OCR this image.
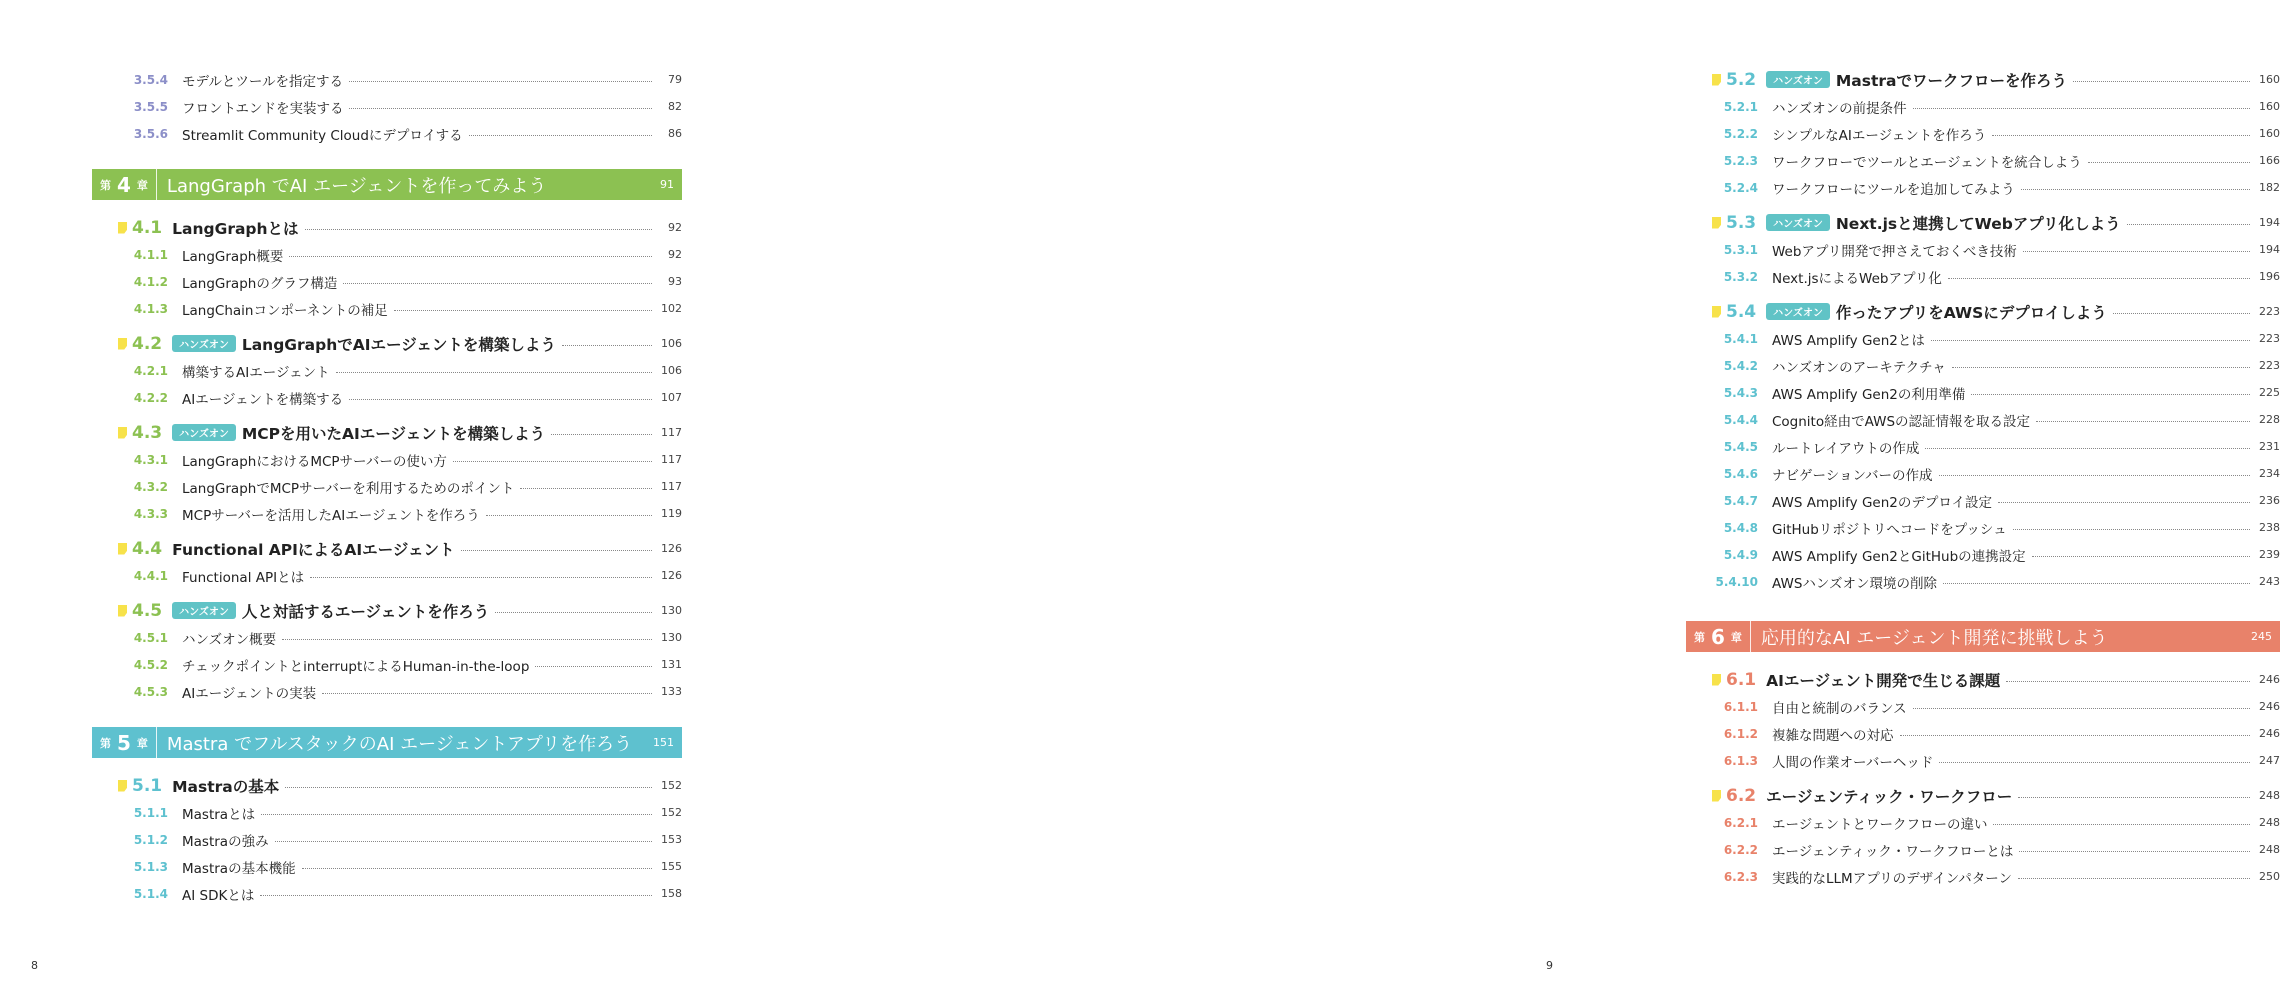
3.5.4 モデルとツールを指定する	79
3.5.5 フロントエンドを実装する	82
3.5.6 Streamlit Community Cloudにデプロイする	86
第 4 章 LangGraph でAI エージェントを作ってみよう	91
4.1 LangGraphとは	92
4.1.1 LangGraph概要	92
4.1.2 LangGraphのグラフ構造	93
4.1.3 LangChainコンポーネントの補足	102
4.2	ハンズオン LangGraphでAIエージェントを構築しよう	106
4.2.1 構築するAIエージェント	106
4.2.2 AIエージェントを構築する	107
4.3	ハンズオン MCPを用いたAIエージェントを構築しよう	117
4.3.1 LangGraphにおけるMCPサーバーの使い方	117
4.3.2 LangGraphでMCPサーバーを利用するためのポイント	117
4.3.3 MCPサーバーを活用したAIエージェントを作ろう	119
4.4 Functional APIによるAIエージェント	126
4.4.1 Functional APIとは	126
4.5	ハンズオン 人と対話するエージェントを作ろう	130
4.5.1 ハンズオン概要	130
4.5.2 チェックポイントとinterruptによるHuman-in-the-loop	131
4.5.3 AIエージェントの実装	133
第 5 章 Mastra でフルスタックのAI エージェントアプリを作ろう	151
5.1 Mastraの基本	152
5.1.1 Mastraとは	152
5.1.2 Mastraの強み	153
5.1.3 Mastraの基本機能	155
5.1.4 AI SDKとは	158
8
5.2	ハンズオン Mastraでワークフローを作ろう	160
5.2.1 ハンズオンの前提条件	160
5.2.2 シンプルなAIエージェントを作ろう	160
5.2.3 ワークフローでツールとエージェントを統合しよう	166
5.2.4 ワークフローにツールを追加してみよう	182
5.3	ハンズオン Next.jsと連携してWebアプリ化しよう	194
5.3.1 Webアプリ開発で押さえておくべき技術	194
5.3.2 Next.jsによるWebアプリ化	196
5.4	ハンズオン 作ったアプリをAWSにデプロイしよう	223
5.4.1 AWS Amplify Gen2とは	223
5.4.2 ハンズオンのアーキテクチャ	223
5.4.3 AWS Amplify Gen2の利用準備	225
5.4.4 Cognito経由でAWSの認証情報を取る設定	228
5.4.5 ルートレイアウトの作成	231
5.4.6 ナビゲーションバーの作成	234
5.4.7 AWS Amplify Gen2のデプロイ設定	236
5.4.8 GitHubリポジトリへコードをプッシュ	238
5.4.9 AWS Amplify Gen2とGitHubの連携設定	239
5.4.10 AWSハンズオン環境の削除	243
第 6 章 応用的なAI エージェント開発に挑戦しよう	245
6.1 AIエージェント開発で生じる課題	246
6.1.1 自由と統制のバランス	246
6.1.2 複雑な問題への対応	246
6.1.3 人間の作業オーバーヘッド	247
6.2 エージェンティック・ワークフロー	248
6.2.1 エージェントとワークフローの違い	248
6.2.2 エージェンティック・ワークフローとは	248
6.2.3 実践的なLLMアプリのデザインパターン	250
9
